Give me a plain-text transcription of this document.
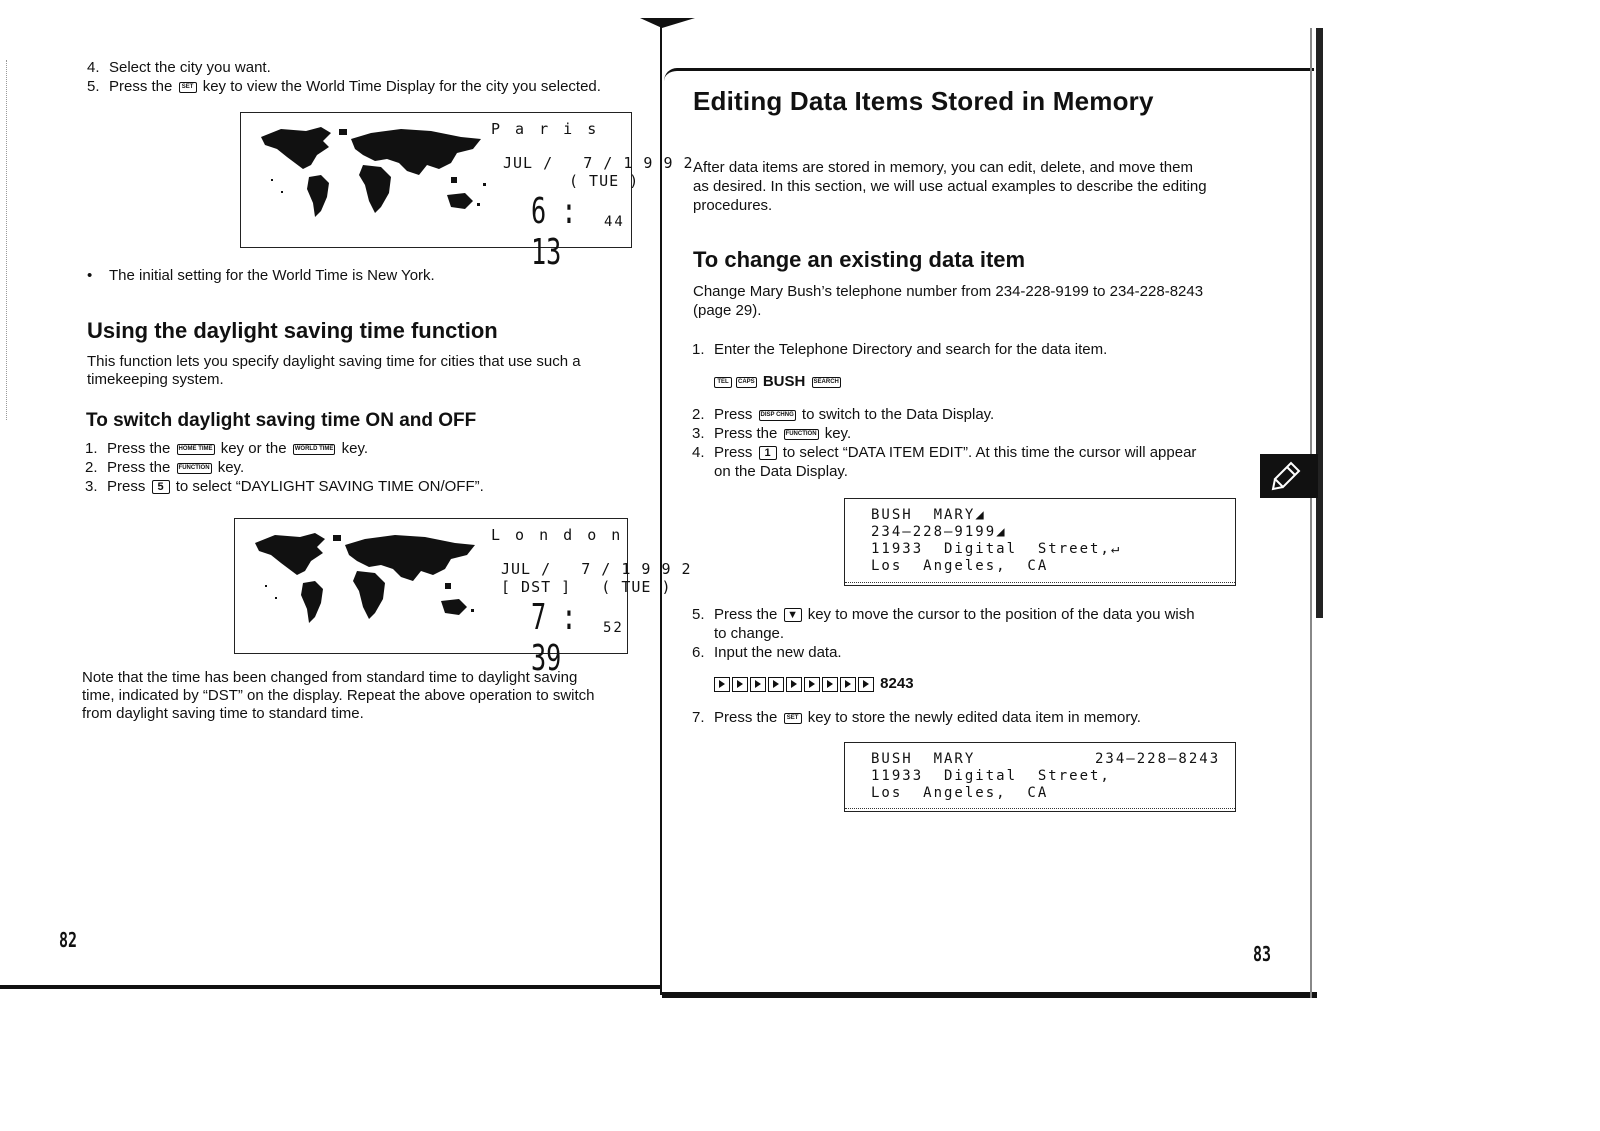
4. Select the city you want.
5. Press the SET key to view the World Time Display for the city you selected.
P a r i s
JUL /   7 / 1 9 9 2
( TUE )
6 : 13
44
• The initial setting for the World Time is New York.
Using the daylight saving time function
This function lets you specify daylight saving time for cities that use such a
timekeeping system.
To switch daylight saving time ON and OFF
1. Press the HOME TIME key or the WORLD TIME key.
2. Press the FUNCTION key.
3. Press 5 to select “DAYLIGHT SAVING TIME ON/OFF”.
L o n d o n
JUL /   7 / 1 9 9 2
[ DST ]   ( TUE )
7 : 39
52
Note that the time has been changed from standard time to daylight saving
time, indicated by “DST” on the display. Repeat the above operation to switch
from daylight saving time to standard time.
82
Editing Data Items Stored in Memory
After data items are stored in memory, you can edit, delete, and move them
as desired. In this section, we will use actual examples to describe the editing
procedures.
To change an existing data item
Change Mary Bush’s telephone number from 234-228-9199 to 234-228-8243
(page 29).
1. Enter the Telephone Directory and search for the data item.
TEL CAPS BUSH SEARCH
2. Press DISP CHNG to switch to the Data Display.
3. Press the FUNCTION key.
4. Press 1 to select “DATA ITEM EDIT”. At this time the cursor will appear
on the Data Display.
BUSH  MARY◢
234–228–9199◢
11933  Digital  Street,↵
Los  Angeles,  CA
5. Press the ▼ key to move the cursor to the position of the data you wish
to change.
6. Input the new data.
8243
7. Press the SET key to store the newly edited data item in memory.
BUSH  MARY	234–228–8243
11933  Digital  Street,
Los  Angeles,  CA
83
